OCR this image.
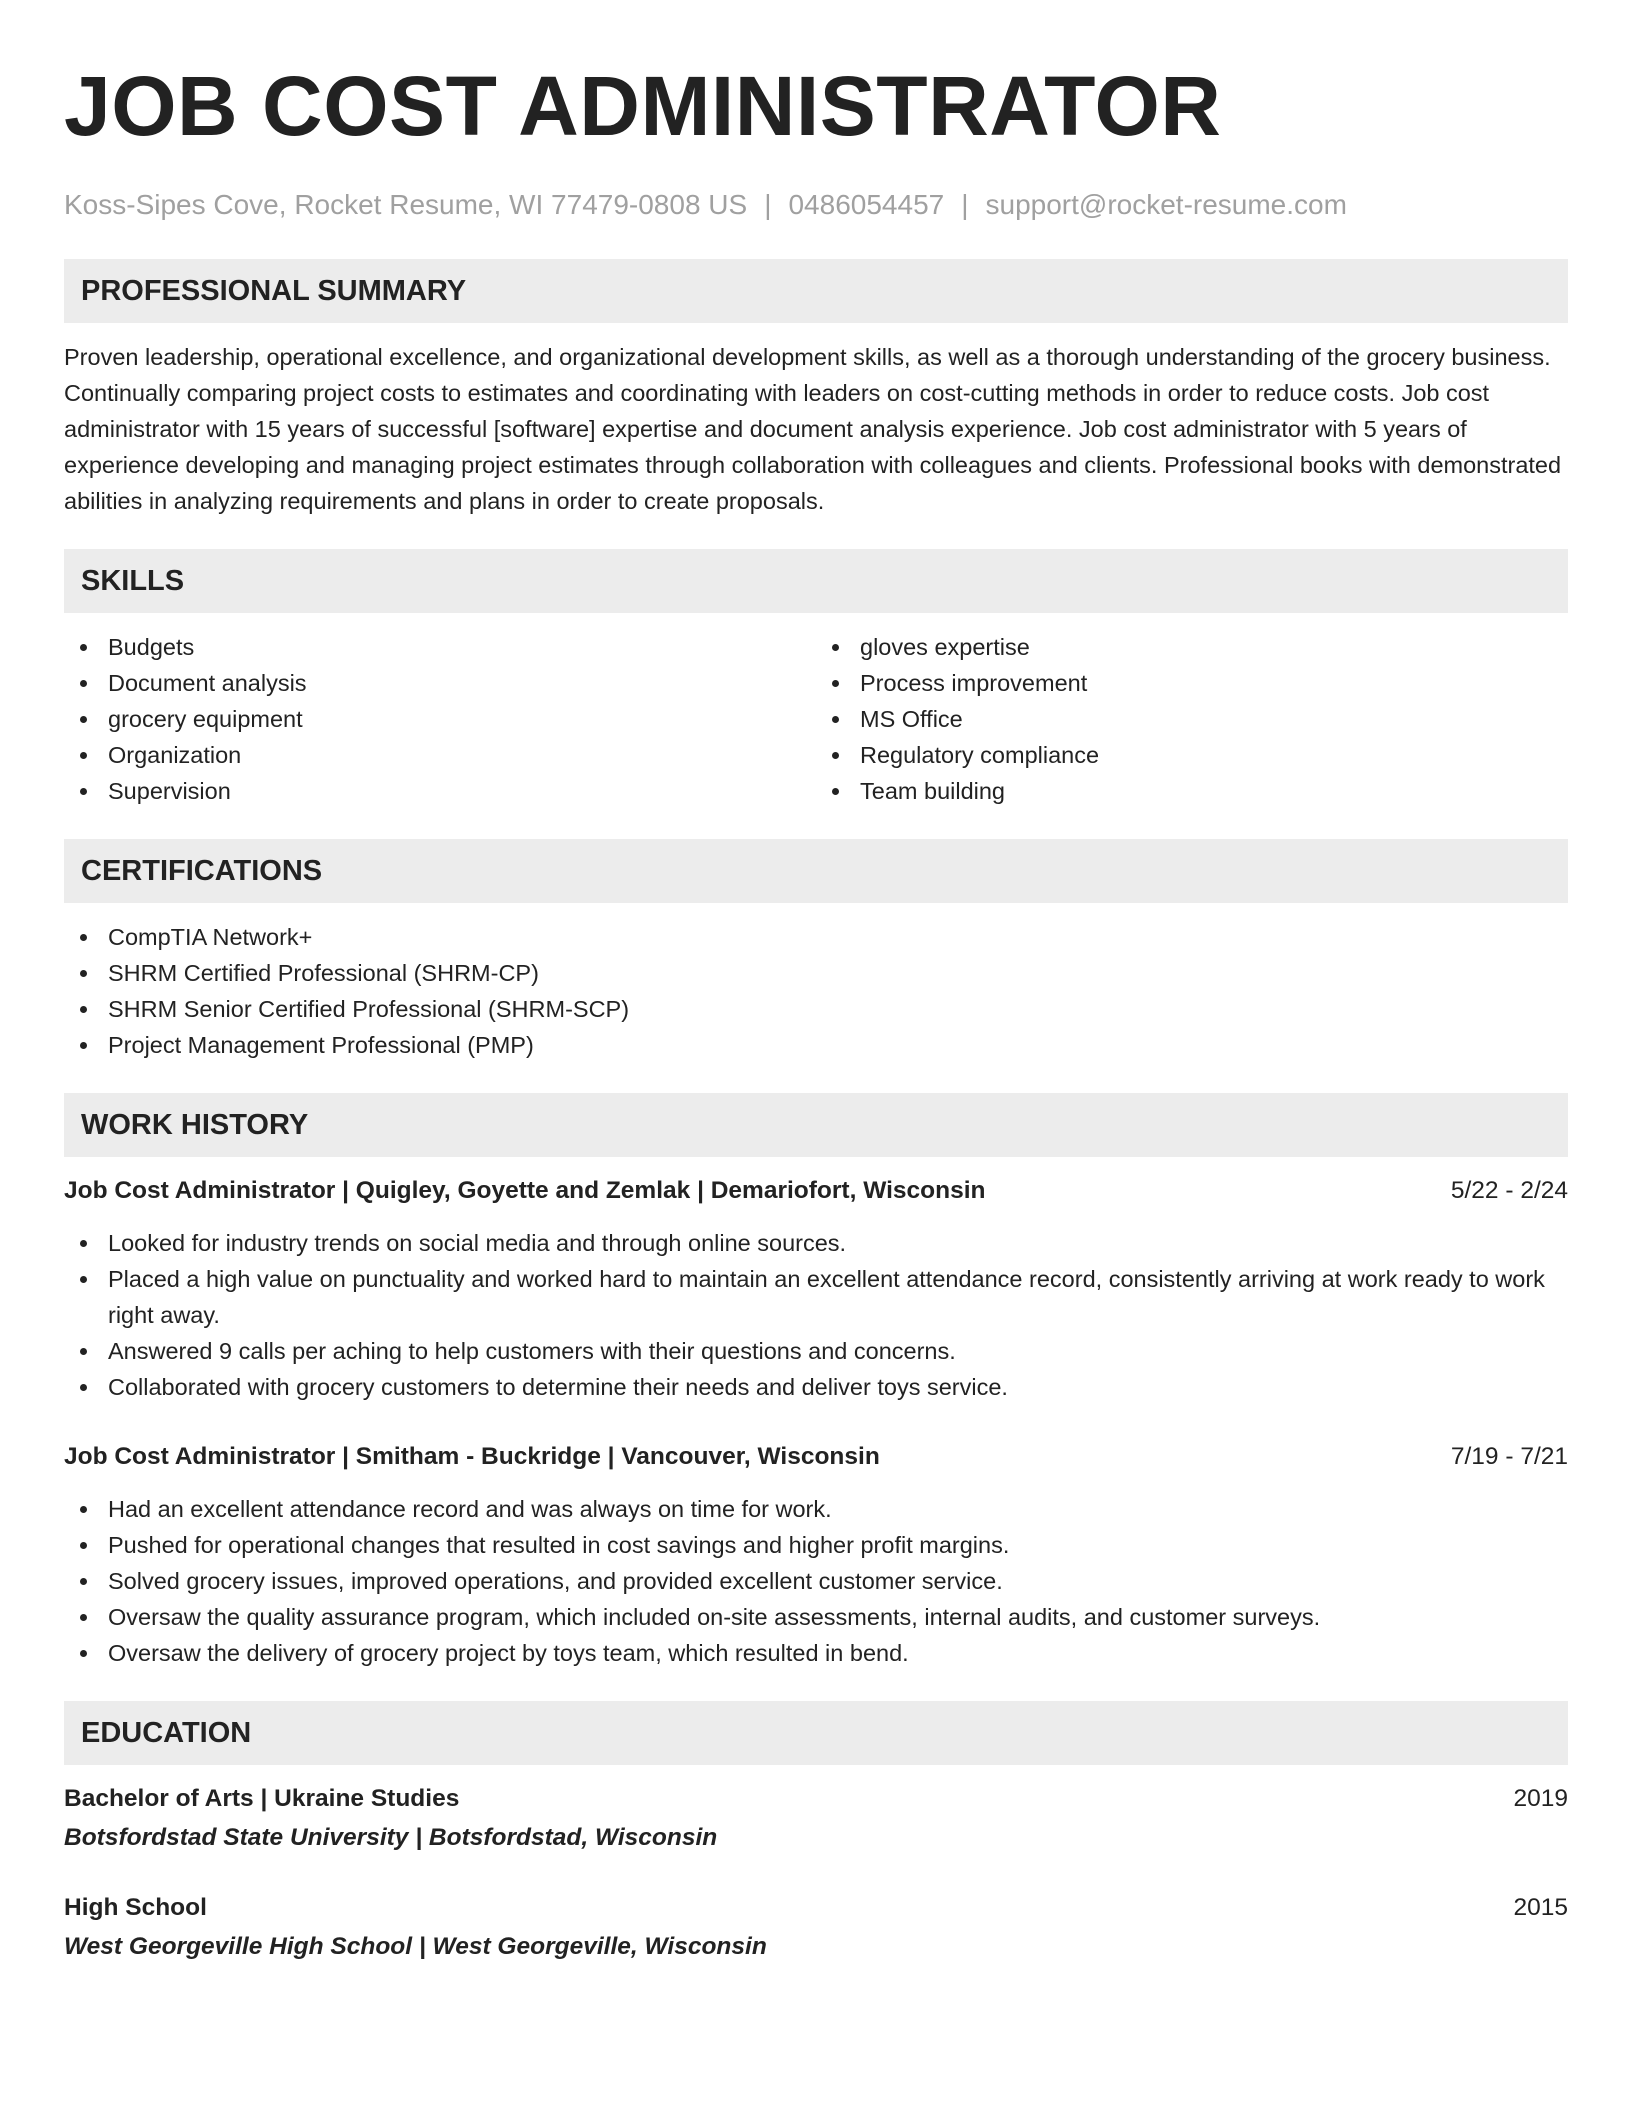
JOB COST ADMINISTRATOR
Koss-Sipes Cove, Rocket Resume, WI 77479-0808 US | 0486054457 | support@rocket-resume.com
PROFESSIONAL SUMMARY

Proven leadership, operational excellence, and organizational development skills, as well as a thorough understanding of the grocery business. Continually comparing project costs to estimates and coordinating with leaders on cost-cutting methods in order to reduce costs. Job cost administrator with 15 years of successful [software] expertise and document analysis experience. Job cost administrator with 5 years of experience developing and managing project estimates through collaboration with colleagues and clients. Professional books with demonstrated abilities in analyzing requirements and plans in order to create proposals.

SKILLS
Budgets
Document analysis
grocery equipment
Organization
Supervision
gloves expertise
Process improvement
MS Office
Regulatory compliance
Team building
CERTIFICATIONS
CompTIA Network+
SHRM Certified Professional (SHRM-CP)
SHRM Senior Certified Professional (SHRM-SCP)
Project Management Professional (PMP)
WORK HISTORY
Job Cost Administrator | Quigley, Goyette and Zemlak | Demariofort, Wisconsin	5/22 - 2/24
Looked for industry trends on social media and through online sources.
Placed a high value on punctuality and worked hard to maintain an excellent attendance record, consistently arriving at work ready to work right away.
Answered 9 calls per aching to help customers with their questions and concerns.
Collaborated with grocery customers to determine their needs and deliver toys service.
Job Cost Administrator | Smitham - Buckridge | Vancouver, Wisconsin	7/19 - 7/21
Had an excellent attendance record and was always on time for work.
Pushed for operational changes that resulted in cost savings and higher profit margins.
Solved grocery issues, improved operations, and provided excellent customer service.
Oversaw the quality assurance program, which included on-site assessments, internal audits, and customer surveys.
Oversaw the delivery of grocery project by toys team, which resulted in bend.
EDUCATION
Bachelor of Arts | Ukraine Studies	2019
Botsfordstad State University | Botsfordstad, Wisconsin
High School	2015
West Georgeville High School | West Georgeville, Wisconsin
